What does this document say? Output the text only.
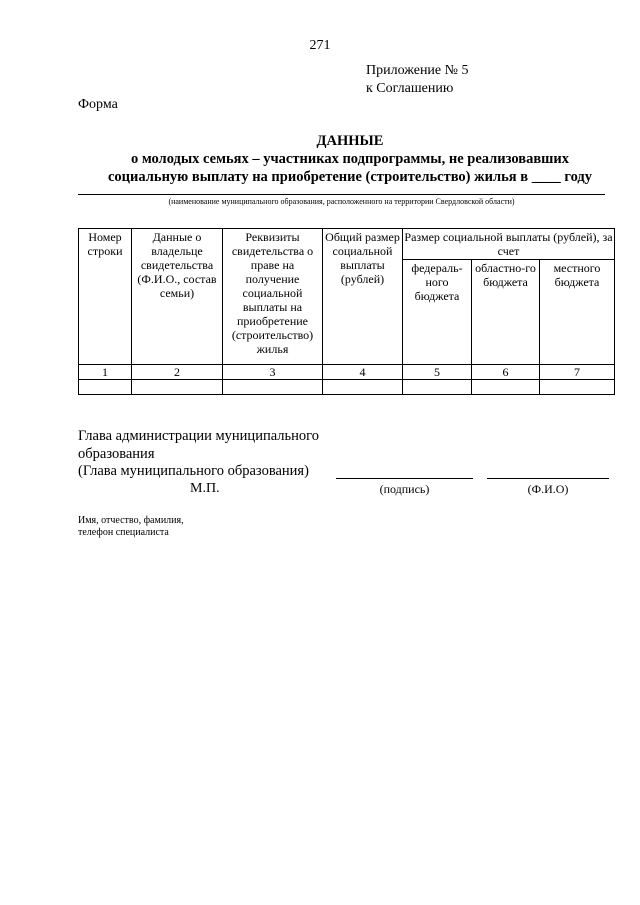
271
Приложение № 5
к Соглашению
Форма
ДАННЫЕ
о молодых семьях – участниках подпрограммы, не реализовавших
социальную выплату на приобретение (строительство) жилья в ____ году
(наименование муниципального образования, расположенного на территории Свердловской области)
Номер строки	Данные о владельце свидетельства (Ф.И.О., состав семьи)	Реквизиты свидетельства о праве на получение социальной выплаты на приобретение (строительство) жилья	Общий размер социальной выплаты (рублей)	Размер социальной выплаты (рублей), за счет		
				федераль-ного бюджета	областно-го бюджета	местного бюджета
1	2	3	4	5	6	7

Глава администрации муниципального
образования
(Глава муниципального образования)
М.П.	(подпись)	(Ф.И.О)
Имя, отчество, фамилия,
телефон специалиста
